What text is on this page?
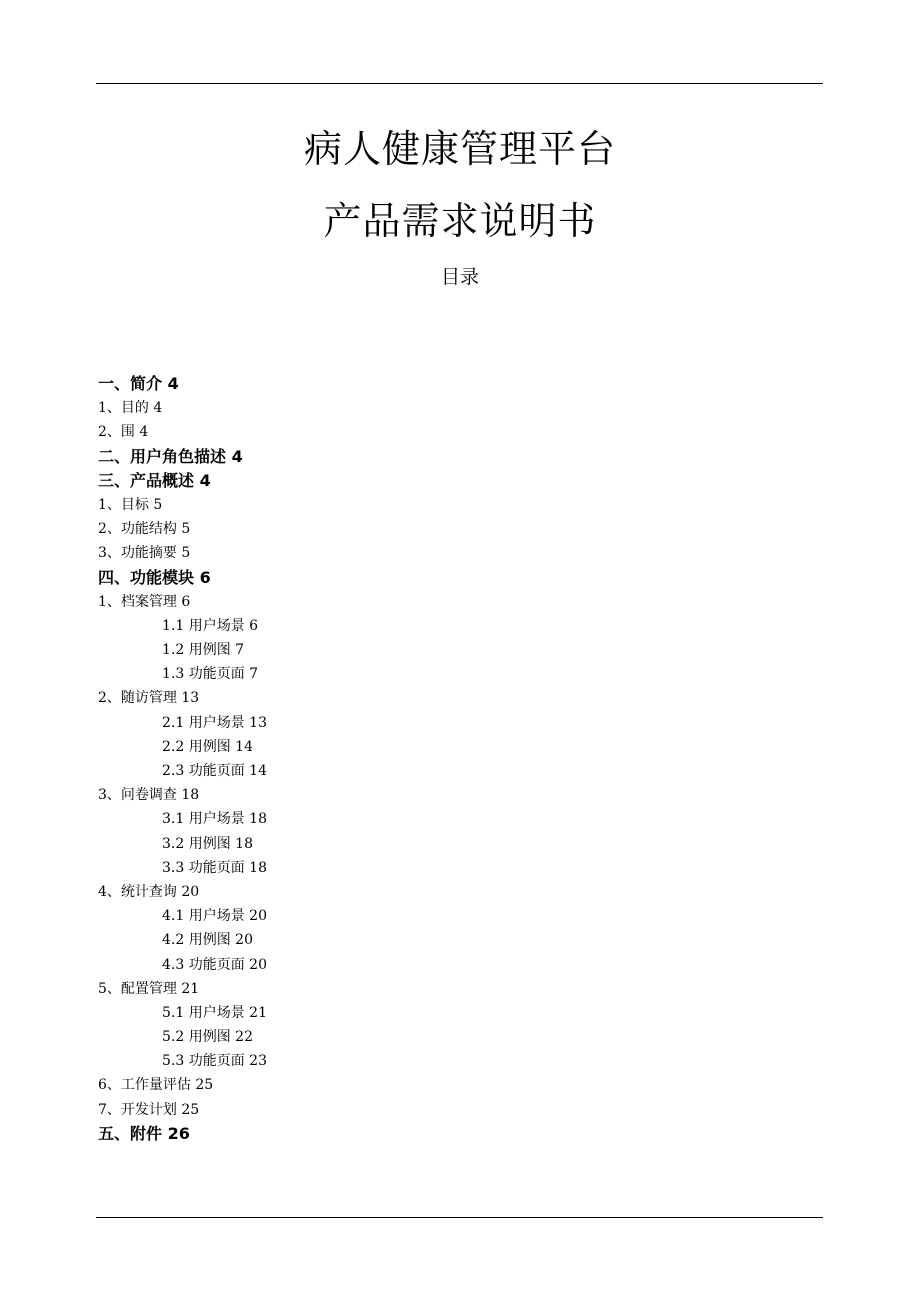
病人健康管理平台
产品需求说明书
目录
一、简介 4
1、目的 4
2、围 4
二、用户角色描述 4
三、产品概述 4
1、目标 5
2、功能结构 5
3、功能摘要 5
四、功能模块 6
1、档案管理 6
1.1 用户场景 6
1.2 用例图 7
1.3 功能页面 7
2、随访管理 13
2.1 用户场景 13
2.2 用例图 14
2.3 功能页面 14
3、问卷调查 18
3.1 用户场景 18
3.2 用例图 18
3.3 功能页面 18
4、统计查询 20
4.1 用户场景 20
4.2 用例图 20
4.3 功能页面 20
5、配置管理 21
5.1 用户场景 21
5.2 用例图 22
5.3 功能页面 23
6、工作量评估 25
7、开发计划 25
五、附件 26
